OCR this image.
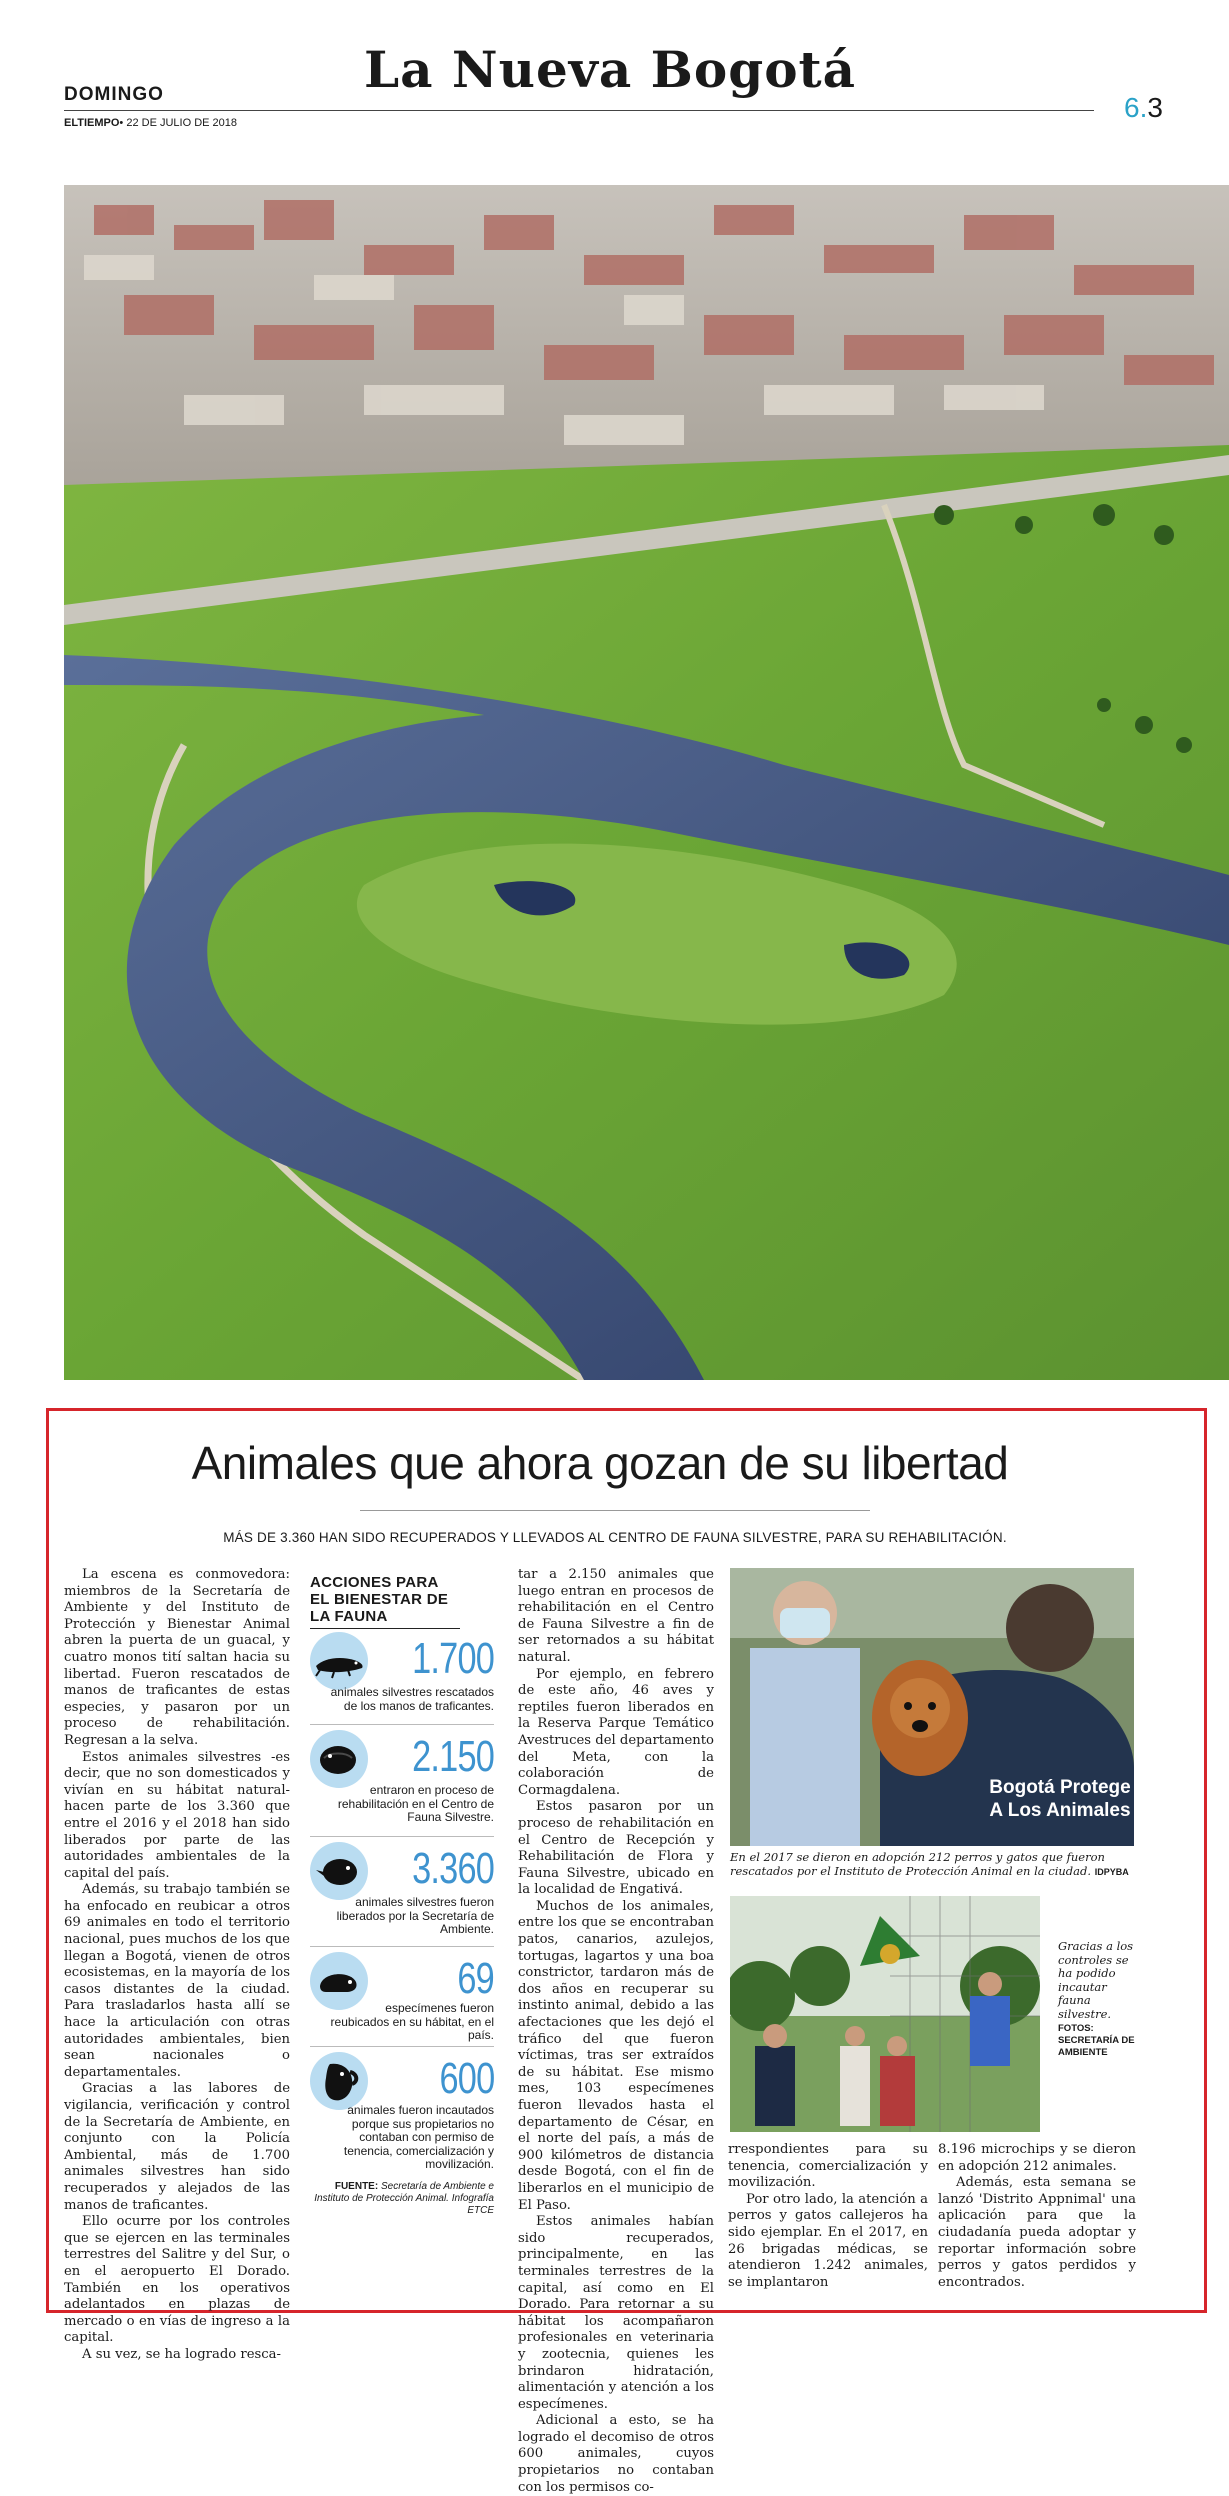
DOMINGO	La Nueva Bogotá
ELTIEMPO• 22 DE JULIO DE 2018	6.3
Animales que ahora gozan de su libertad
MÁS DE 3.360 HAN SIDO RECUPERADOS Y LLEVADOS AL CENTRO DE FAUNA SILVESTRE, PARA SU REHABILITACIÓN.

La escena es conmovedora: miembros de la Secretaría de Ambiente y del Instituto de Protección y Bienestar Animal abren la puerta de un guacal, y cuatro monos tití saltan hacia su libertad. Fueron rescatados de manos de traficantes de estas especies, y pasaron por un proceso de rehabilitación. Regresan a la selva.

Estos animales silvestres -es decir, que no son domesticados y vivían en su hábitat natural- hacen parte de los 3.360 que entre el 2016 y el 2018 han sido liberados por parte de las autoridades ambientales de la capital del país.

Además, su trabajo también se ha enfocado en reubicar a otros 69 animales en todo el territorio nacional, pues muchos de los que llegan a Bogotá, vienen de otros ecosistemas, en la mayoría de los casos distantes de la ciudad. Para trasladarlos hasta allí se hace la articulación con otras autoridades ambientales, bien sean nacionales o departamentales.

Gracias a las labores de vigilancia, verificación y control de la Secretaría de Ambiente, en conjunto con la Policía Ambiental, más de 1.700 animales silvestres han sido recuperados y alejados de las manos de traficantes.

Ello ocurre por los controles que se ejercen en las terminales terrestres del Salitre y del Sur, o en el aeropuerto El Dorado. También en los operativos adelantados en plazas de mercado o en vías de ingreso a la capital.

A su vez, se ha logrado resca-

ACCIONES PARA EL BIENESTAR DE LA FAUNA
1.700
animales silvestres rescatados de los manos de traficantes.
2.150
entraron en proceso de rehabilitación en el Centro de Fauna Silvestre.
3.360
animales silvestres fueron liberados por la Secretaría de Ambiente.
69
especímenes fueron reubicados en su hábitat, en el país.
600
animales fueron incautados porque sus propietarios no contaban con permiso de tenencia, comercialización y movilización.
FUENTE: Secretaría de Ambiente e Instituto de Protección Animal. Infografía ETCE

tar a 2.150 animales que luego entran en procesos de rehabilitación en el Centro de Fauna Silvestre a fin de ser retornados a su hábitat natural.

Por ejemplo, en febrero de este año, 46 aves y reptiles fueron liberados en la Reserva Parque Temático Avestruces del departamento del Meta, con la colaboración de Cormagdalena.

Estos pasaron por un proceso de rehabilitación en el Centro de Recepción y Rehabilitación de Flora y Fauna Silvestre, ubicado en la localidad de Engativá.

Muchos de los animales, entre los que se encontraban patos, canarios, azulejos, tortugas, lagartos y una boa constrictor, tardaron más de dos años en recuperar su instinto animal, debido a las afectaciones que les dejó el tráfico del que fueron víctimas, tras ser extraídos de su hábitat. Ese mismo mes, 103 especímenes fueron llevados hasta el departamento de César, en el norte del país, a más de 900 kilómetros de distancia desde Bogotá, con el fin de liberarlos en el municipio de El Paso.

Estos animales habían sido recuperados, principalmente, en las terminales terrestres de la capital, así como en El Dorado. Para retornar a su hábitat los acompañaron profesionales en veterinaria y zootecnia, quienes les brindaron hidratación, alimentación y atención a los especímenes.

Adicional a esto, se ha logrado el decomiso de otros 600 animales, cuyos propietarios no contaban con los permisos co-

Bogotá Protege
A Los Animales
En el 2017 se dieron en adopción 212 perros y gatos que fueron rescatados por el Instituto de Protección Animal en la ciudad. IDPYBA
Gracias a los controles se ha podido incautar fauna silvestre.
FOTOS: SECRETARÍA DE AMBIENTE

rrespondientes para su tenencia, comercialización y movilización.

Por otro lado, la atención a perros y gatos callejeros ha sido ejemplar. En el 2017, en 26 brigadas médicas, se atendieron 1.242 animales, se implantaron

8.196 microchips y se dieron en adopción 212 animales.

Además, esta semana se lanzó 'Distrito Appnimal' una aplicación para que la ciudadanía pueda adoptar y reportar información sobre perros y gatos perdidos y encontrados.
